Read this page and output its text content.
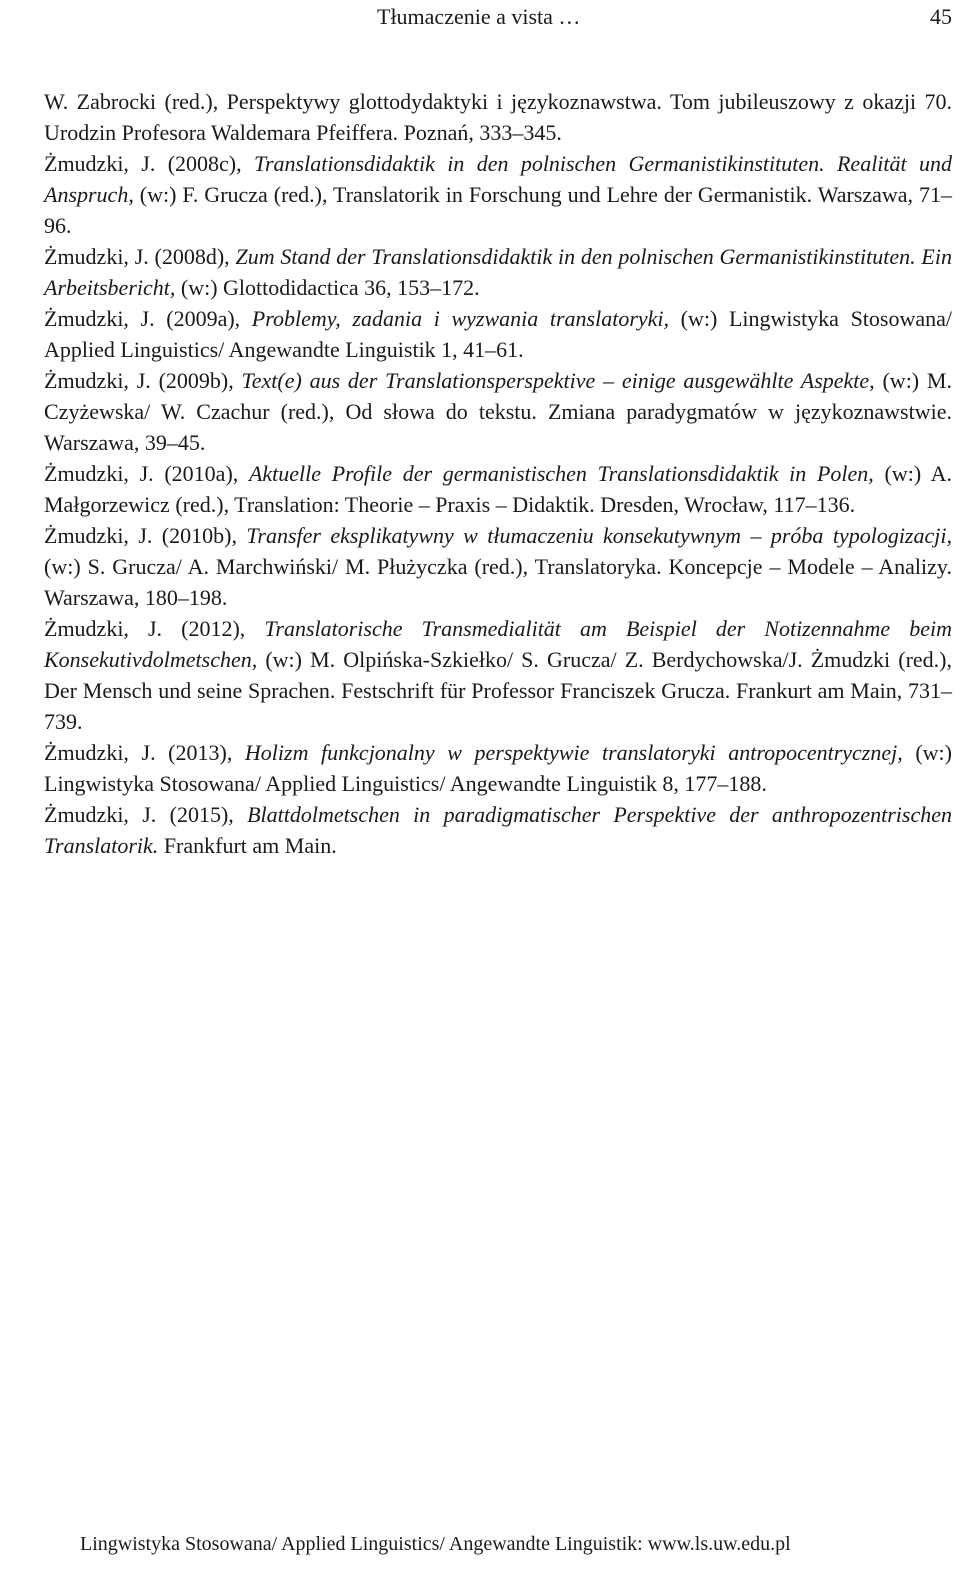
Tłumaczenie a vista …	45

W. Zabrocki (red.), Perspektywy glottodydaktyki i językoznawstwa. Tom jubileuszowy z okazji 70. Urodzin Profesora Waldemara Pfeiffera. Poznań, 333–345.

Żmudzki, J. (2008c), Translationsdidaktik in den polnischen Germanistikinstituten. Realität und Anspruch, (w:) F. Grucza (red.), Translatorik in Forschung und Lehre der Germanistik. Warszawa, 71–96.

Żmudzki, J. (2008d), Zum Stand der Translationsdidaktik in den polnischen Germanistikinstituten. Ein Arbeitsbericht, (w:) Glottodidactica 36, 153–172.

Żmudzki, J. (2009a), Problemy, zadania i wyzwania translatoryki, (w:) Lingwistyka Stosowana/ Applied Linguistics/ Angewandte Linguistik 1, 41–61.

Żmudzki, J. (2009b), Text(e) aus der Translationsperspektive – einige ausgewählte Aspekte, (w:) M. Czyżewska/ W. Czachur (red.), Od słowa do tekstu. Zmiana paradygmatów w językoznawstwie. Warszawa, 39–45.

Żmudzki, J. (2010a), Aktuelle Profile der germanistischen Translationsdidaktik in Polen, (w:) A. Małgorzewicz (red.), Translation: Theorie – Praxis – Didaktik. Dresden, Wrocław, 117–136.

Żmudzki, J. (2010b), Transfer eksplikatywny w tłumaczeniu konsekutywnym – próba typologizacji, (w:) S. Grucza/ A. Marchwiński/ M. Płużyczka (red.), Translatoryka. Koncepcje – Modele – Analizy. Warszawa, 180–198.

Żmudzki, J. (2012), Translatorische Transmedialität am Beispiel der Notizennahme beim Konsekutivdolmetschen, (w:) M. Olpińska-Szkiełko/ S. Grucza/ Z. Berdychowska/J. Żmudzki (red.), Der Mensch und seine Sprachen. Festschrift für Professor Franciszek Grucza. Frankurt am Main, 731–739.

Żmudzki, J. (2013), Holizm funkcjonalny w perspektywie translatoryki antropocentrycznej, (w:) Lingwistyka Stosowana/ Applied Linguistics/ Angewandte Linguistik 8, 177–188.

Żmudzki, J. (2015), Blattdolmetschen in paradigmatischer Perspektive der anthropozentrischen Translatorik. Frankfurt am Main.

Lingwistyka Stosowana/ Applied Linguistics/ Angewandte Linguistik: www.ls.uw.edu.pl
